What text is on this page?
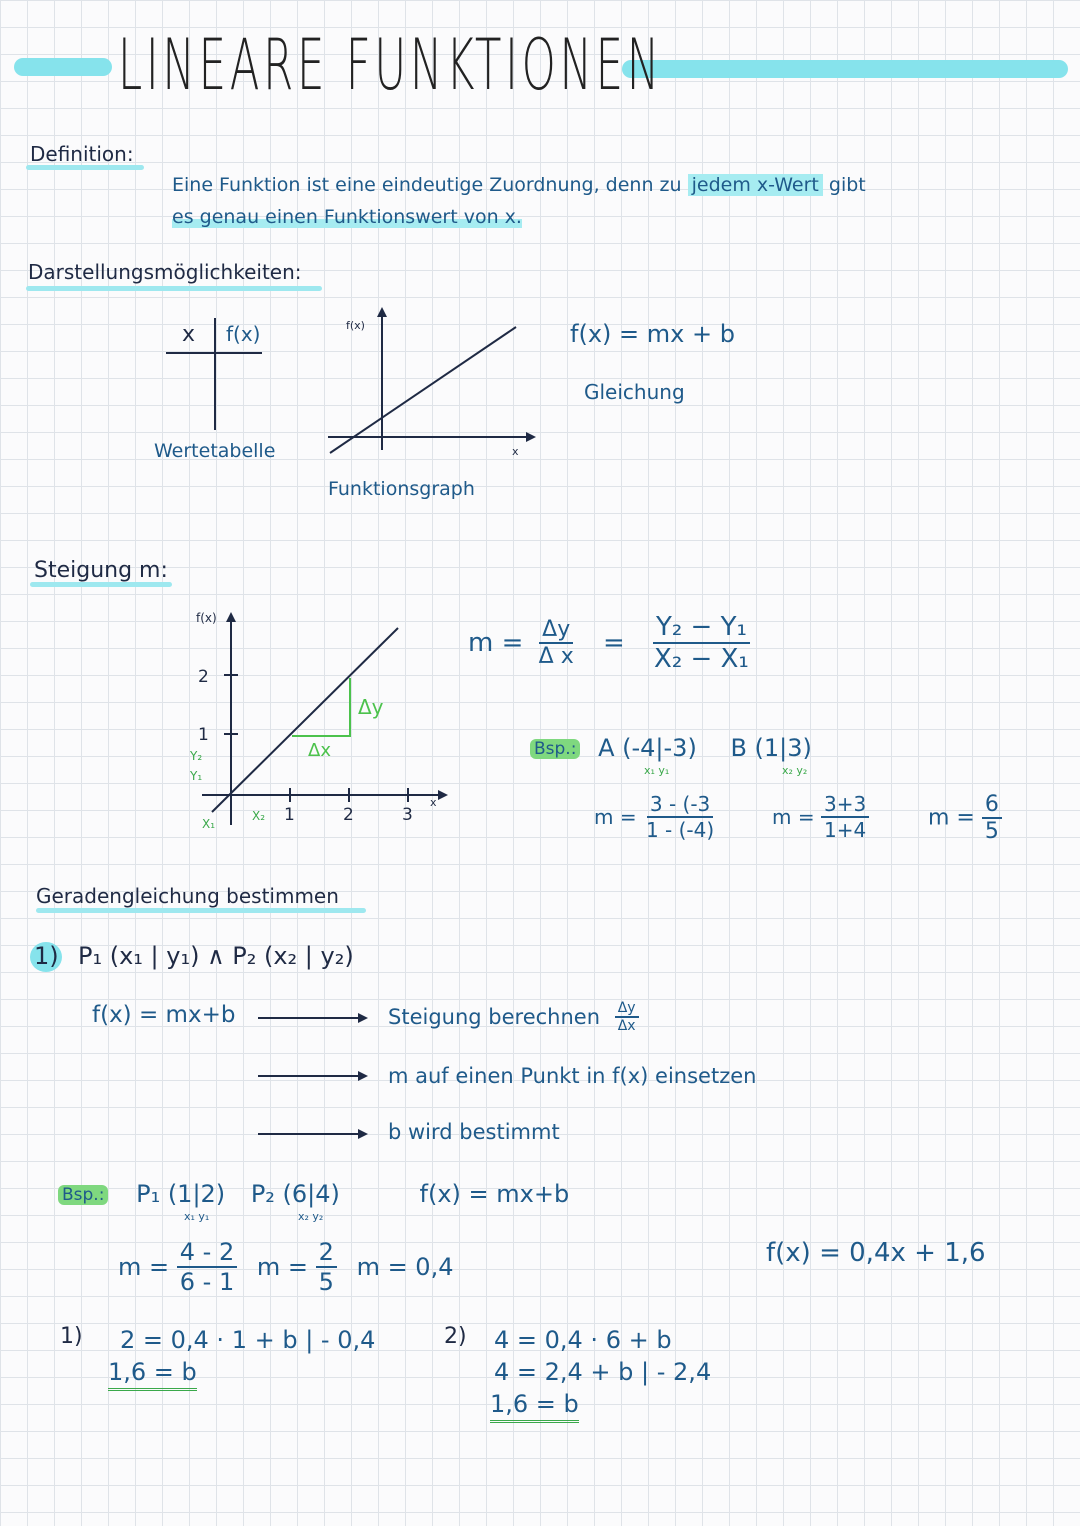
LINEARE FUNKTIONEN
Definition:
Eine Funktion ist eine eindeutige Zuordnung, denn zu jedem x-Wert gibt
es genau einen Funktionswert von x.
Darstellungsmöglichkeiten:
x f(x)
Wertetabelle
f(x)
x
Funktionsgraph
f(x) = mx + b
Gleichung
Steigung m:
f(x)
2
1
Y₂
Y₁
X₁
X₂ 1	2	3
x
Δy
Δx
$m = \frac{\Delta y}{\text{Δ x}} = \frac{\text{Y₂ − Y₁}}{\text{X₂ − X₁}}$
Bsp.: A (-4|-3) B (1|3)
x₁ y₁	x₂ y₂
$m = \frac{3 - (-3}{1 - (-4)}$	$m = \frac{3+3}{1+4}$	$m = \frac{6}{5}$
Geradengleichung bestimmen
1) P₁ (x₁ | y₁) ∧ P₂ (x₂ | y₂)
f(x) = mx+b	Steigung berechnen $\frac{\Delta y}{\Delta x}$
m auf einen Punkt in f(x) einsetzen
b wird bestimmt
Bsp.: P₁ (1|2) P₂ (6|4)	f(x) = mx+b
x₁ y₁	x₂ y₂
$m = \frac{4 - 2}{6 - 1}$ $m = \frac{2}{5}$ m = 0,4	f(x) = 0,4x + 1,6
1) 2 = 0,4 · 1 + b | - 0,4
1,6 = b
2) 4 = 0,4 · 6 + b
4 = 2,4 + b | - 2,4
1,6 = b
